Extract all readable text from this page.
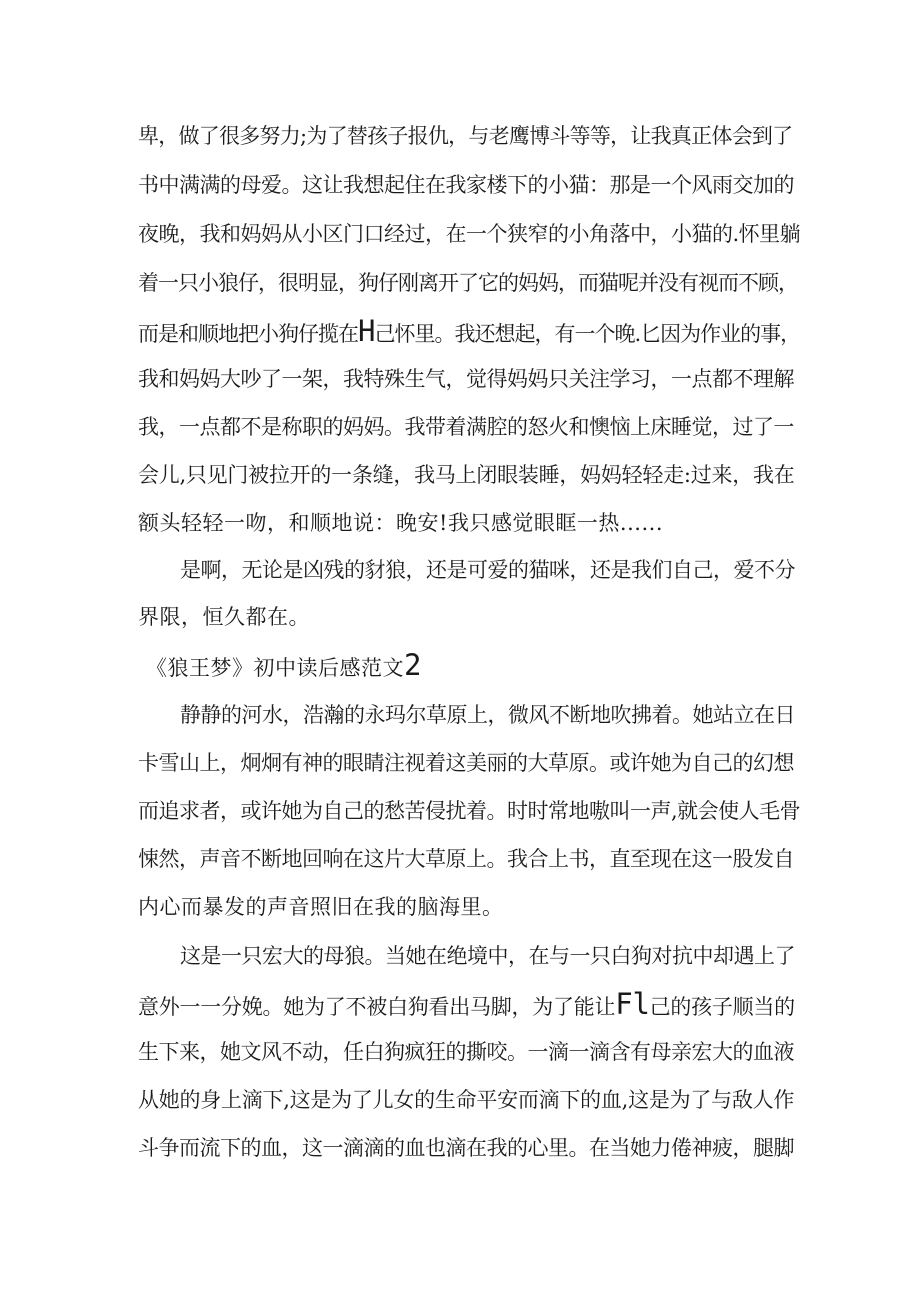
卑，做了很多努力;为了替孩子报仇，与老鹰博斗等等，让我真正体会到了
书中满满的母爱。这让我想起住在我家楼下的小猫：那是一个风雨交加的
夜晚，我和妈妈从小区门口经过，在一个狭窄的小角落中，小猫的.怀里躺
着一只小狼仔，很明显，狗仔刚离开了它的妈妈，而猫呢并没有视而不顾，
而是和顺地把小狗仔揽在H己怀里。我还想起，有一个晚.匕因为作业的事，
我和妈妈大吵了一架，我特殊生气，觉得妈妈只关注学习，一点都不理解
我，一点都不是称职的妈妈。我带着满腔的怒火和懊恼上床睡觉，过了一
会儿,只见门被拉开的一条缝，我马上闭眼装睡，妈妈轻轻走:过来，我在
额头轻轻一吻，和顺地说：晚安!我只感觉眼眶一热......
是啊，无论是凶残的豺狼，还是可爱的猫咪，还是我们自己，爱不分
界限，恒久都在。
《狼王梦》初中读后感范文2
静静的河水，浩瀚的永玛尔草原上，微风不断地吹拂着。她站立在日
卡雪山上，炯炯有神的眼睛注视着这美丽的大草原。或许她为自己的幻想
而追求者，或许她为自己的愁苦侵扰着。时时常地嗷叫一声,就会使人毛骨
悚然，声音不断地回响在这片大草原上。我合上书，直至现在这一股发自
内心而暴发的声音照旧在我的脑海里。
这是一只宏大的母狼。当她在绝境中，在与一只白狗对抗中却遇上了
意外一一分娩。她为了不被白狗看出马脚，为了能让Fl己的孩子顺当的
生下来，她文风不动，任白狗疯狂的撕咬。一滴一滴含有母亲宏大的血液
从她的身上滴下,这是为了儿女的生命平安而滴下的血,这是为了与敌人作
斗争而流下的血，这一滴滴的血也滴在我的心里。在当她力倦神疲，腿脚
